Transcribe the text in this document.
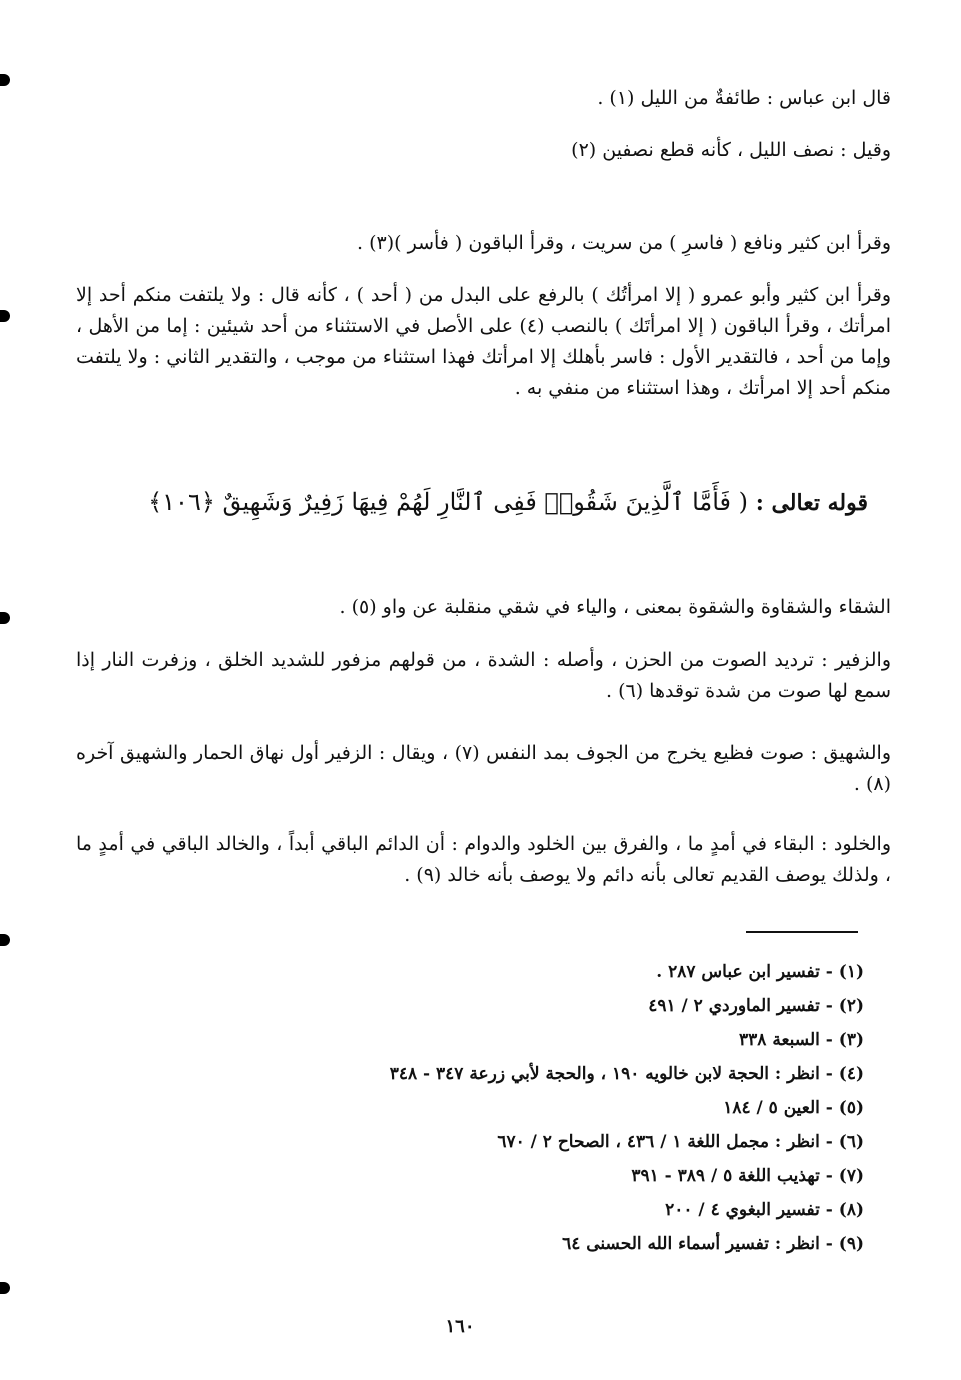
قال ابن عباس : طائفةٌ من الليل (١) .

وقيل : نصف الليل ، كأنه قطع نصفين (٢)

وقرأ ابن كثير ونافع ( فاسرِ ) من سريت ، وقرأ الباقون ( فأسر )(٣) .

وقرأ ابن كثير وأبو عمرو ( إلا امرأتُك ) بالرفع على البدل من ( أحد ) ، كأنه قال : ولا يلتفت منكم أحد إلا امرأتك ، وقرأ الباقون ( إلا امرأتَك ) بالنصب (٤) على الأصل في الاستثناء من أحد شيئين : إما من الأهل ، وإما من أحد ، فالتقدير الأول : فاسر بأهلك إلا امرأتك فهذا استثناء من موجب ، والتقدير الثاني : ولا يلتفت منكم أحد إلا امرأتك ، وهذا استثناء من منفي به .

قوله تعالى : ( فَأَمَّا ٱلَّذِينَ شَقُوا۟ فَفِى ٱلنَّارِ لَهُمْ فِيهَا زَفِيرٌ وَشَهِيقٌ ﴿١٠٦﴾

الشقاء والشقاوة والشقوة بمعنى ، والياء في شقي منقلبة عن واو (٥) .

والزفير : ترديد الصوت من الحزن ، وأصله : الشدة ، من قولهم مزفور للشديد الخلق ، وزفرت النار إذا سمع لها صوت من شدة توقدها (٦) .

والشهيق : صوت فظيع يخرج من الجوف بمد النفس (٧) ، ويقال : الزفير أول نهاق الحمار والشهيق آخره (٨) .

والخلود : البقاء في أمدٍ ما ، والفرق بين الخلود والدوام : أن الدائم الباقي أبداً ، والخالد الباقي في أمدٍ ما ، ولذلك يوصف القديم تعالى بأنه دائم ولا يوصف بأنه خالد (٩) .

(١) - تفسير ابن عباس ٢٨٧ .
(٢) - تفسير الماوردي ٢ / ٤٩١
(٣) - السبعة ٣٣٨
(٤) - انظر : الحجة لابن خالويه ١٩٠ ، والحجة لأبي زرعة ٣٤٧ - ٣٤٨
(٥) - العين ٥ / ١٨٤
(٦) - انظر : مجمل اللغة ١ / ٤٣٦ ، الصحاح ٢ / ٦٧٠
(٧) - تهذيب اللغة ٥ / ٣٨٩ - ٣٩١
(٨) - تفسير البغوي ٤ / ٢٠٠
(٩) - انظر : تفسير أسماء الله الحسنى ٦٤
١٦٠
